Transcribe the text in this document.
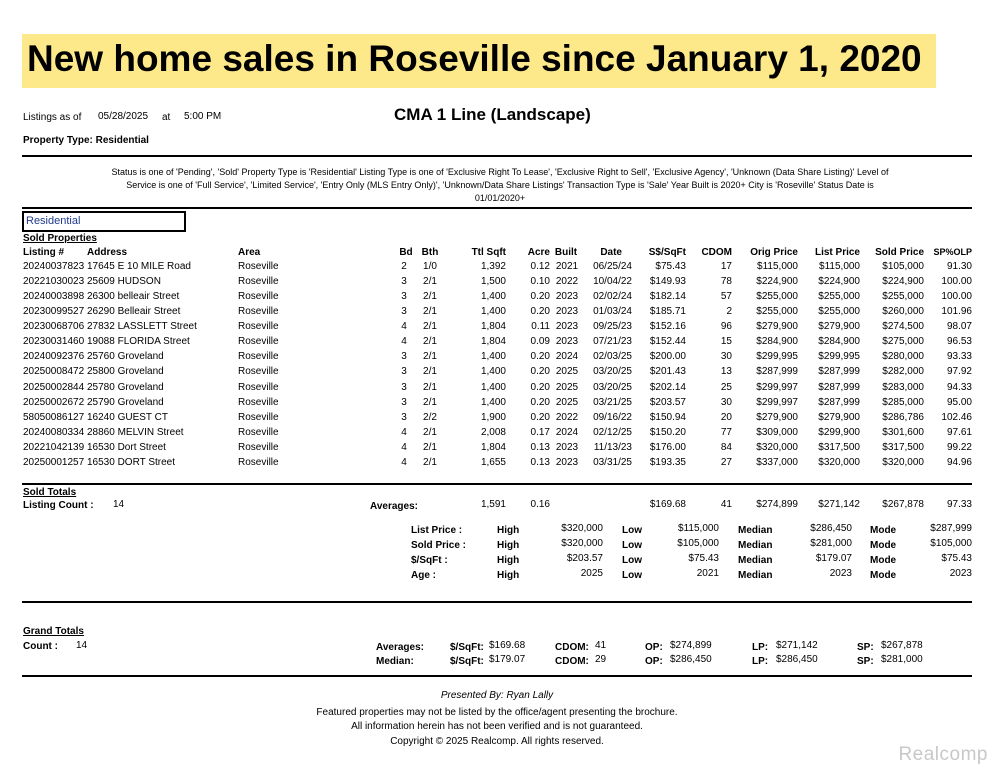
New home sales in Roseville since January 1, 2020
Listings as of 05/28/2025 at 5:00 PM	CMA 1 Line (Landscape)
Property Type: Residential
Status is one of 'Pending', 'Sold' Property Type is 'Residential' Listing Type is one of 'Exclusive Right To Lease', 'Exclusive Right to Sell', 'Exclusive Agency', 'Unknown (Data Share Listing)' Level of
Service is one of 'Full Service', 'Limited Service', 'Entry Only (MLS Entry Only)', 'Unknown/Data Share Listings' Transaction Type is 'Sale' Year Built is 2020+ City is 'Roseville' Status Date is
01/01/2020+
Residential
Sold Properties
Listing #	Address	Area	Bd Bth	Ttl Sqft	Acre Built	Date	S$/SqFt	CDOM	Orig Price	List Price	Sold Price	SP%OLP
20240037823 17645 E 10 MILE Road	Roseville	2	1/0	1,392	0.12 2021	06/25/24	$75.43	17	$115,000	$115,000	$105,000	91.30
20221030023 25609 HUDSON	Roseville	3	2/1	1,500	0.10 2022	10/04/22	$149.93	78	$224,900	$224,900	$224,900	100.00
20240003898 26300 belleair Street	Roseville	3	2/1	1,400	0.20 2023	02/02/24	$182.14	57	$255,000	$255,000	$255,000	100.00
20230099527 26290 Belleair Street	Roseville	3	2/1	1,400	0.20 2023	01/03/24	$185.71	2	$255,000	$255,000	$260,000	101.96
20230068706 27832 LASSLETT Street	Roseville	4	2/1	1,804	0.11 2023	09/25/23	$152.16	96	$279,900	$279,900	$274,500	98.07
20230031460 19088 FLORIDA Street	Roseville	4	2/1	1,804	0.09 2023	07/21/23	$152.44	15	$284,900	$284,900	$275,000	96.53
20240092376 25760 Groveland	Roseville	3	2/1	1,400	0.20 2024	02/03/25	$200.00	30	$299,995	$299,995	$280,000	93.33
20250008472 25800 Groveland	Roseville	3	2/1	1,400	0.20 2025	03/20/25	$201.43	13	$287,999	$287,999	$282,000	97.92
20250002844 25780 Groveland	Roseville	3	2/1	1,400	0.20 2025	03/20/25	$202.14	25	$299,997	$287,999	$283,000	94.33
20250002672 25790 Groveland	Roseville	3	2/1	1,400	0.20 2025	03/21/25	$203.57	30	$299,997	$287,999	$285,000	95.00
58050086127 16240 GUEST CT	Roseville	3	2/2	1,900	0.20 2022	09/16/22	$150.94	20	$279,900	$279,900	$286,786	102.46
20240080334 28860 MELVIN Street	Roseville	4	2/1	2,008	0.17 2024	02/12/25	$150.20	77	$309,000	$299,900	$301,600	97.61
20221042139 16530 Dort Street	Roseville	4	2/1	1,804	0.13 2023	11/13/23	$176.00	84	$320,000	$317,500	$317,500	99.22
20250001257 16530 DORT Street	Roseville	4	2/1	1,655	0.13 2023	03/31/25	$193.35	27	$337,000	$320,000	$320,000	94.96
Sold Totals
Listing Count : 14	Averages:	1,591	0.16	$169.68	41	$274,899	$271,142	$267,878	97.33
List Price :	High	$320,000 Low	$115,000 Median	$286,450 Mode	$287,999
Sold Price :	High	$320,000 Low	$105,000 Median	$281,000 Mode	$105,000
$/SqFt :	High	$203.57 Low	$75.43 Median	$179.07 Mode	$75.43
Age :	High	2025 Low	2021 Median	2023 Mode	2023
Grand Totals
Count : 14	Averages:	$/SqFt: $169.68	CDOM: 41	OP: $274,899	LP: $271,142	SP: $267,878
Median:	$/SqFt: $179.07	CDOM: 29	OP: $286,450	LP: $286,450	SP: $281,000
Presented By: Ryan Lally
Featured properties may not be listed by the office/agent presenting the brochure.
All information herein has not been verified and is not guaranteed.
Copyright © 2025 Realcomp. All rights reserved.
Realcomp
